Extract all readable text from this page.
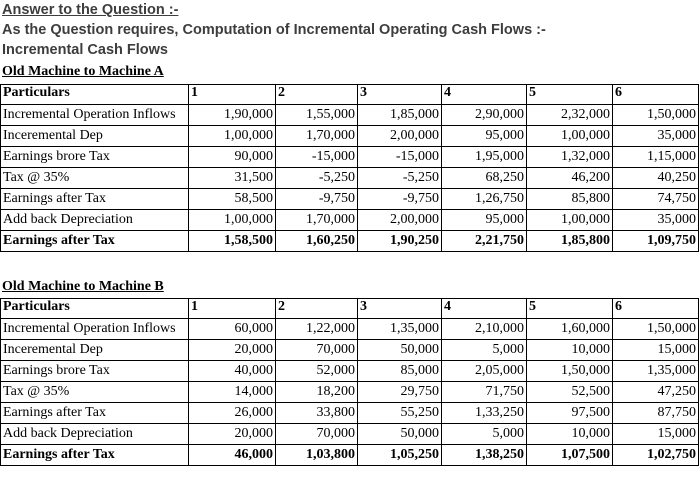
Answer to the Question :-
As the Question requires, Computation of Incremental Operating Cash Flows :-
Incremental Cash Flows
Old Machine to Machine A
Particulars	1	2	3	4	5	6
Incremental Operation Inflows	1,90,000	1,55,000	1,85,000	2,90,000	2,32,000	1,50,000
Inceremental Dep	1,00,000	1,70,000	2,00,000	95,000	1,00,000	35,000
Earnings brore Tax	90,000	-15,000	-15,000	1,95,000	1,32,000	1,15,000
Tax @ 35%	31,500	-5,250	-5,250	68,250	46,200	40,250
Earnings after Tax	58,500	-9,750	-9,750	1,26,750	85,800	74,750
Add back Depreciation	1,00,000	1,70,000	2,00,000	95,000	1,00,000	35,000
Earnings after Tax	1,58,500	1,60,250	1,90,250	2,21,750	1,85,800	1,09,750
Old Machine to Machine B
Particulars	1	2	3	4	5	6
Incremental Operation Inflows	60,000	1,22,000	1,35,000	2,10,000	1,60,000	1,50,000
Inceremental Dep	20,000	70,000	50,000	5,000	10,000	15,000
Earnings brore Tax	40,000	52,000	85,000	2,05,000	1,50,000	1,35,000
Tax @ 35%	14,000	18,200	29,750	71,750	52,500	47,250
Earnings after Tax	26,000	33,800	55,250	1,33,250	97,500	87,750
Add back Depreciation	20,000	70,000	50,000	5,000	10,000	15,000
Earnings after Tax	46,000	1,03,800	1,05,250	1,38,250	1,07,500	1,02,750
